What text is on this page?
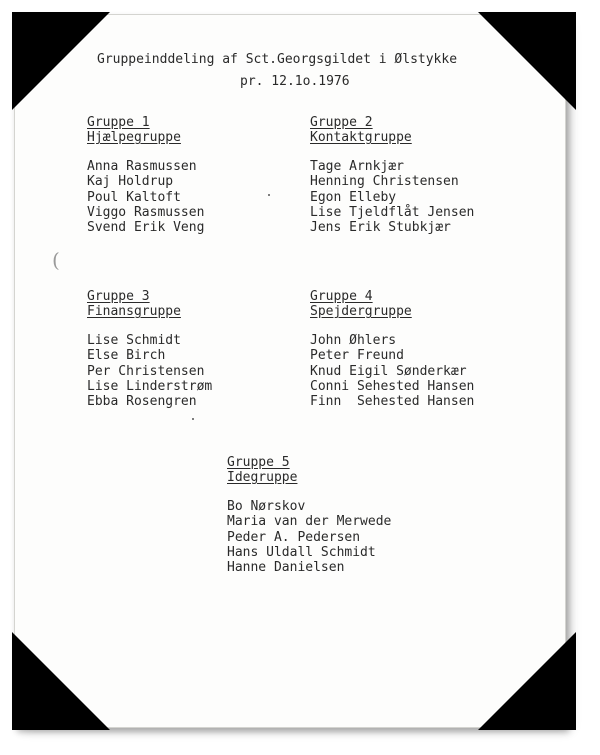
Gruppeinddeling af Sct.Georgsgildet i Ølstykke
pr. 12.1o.1976
Gruppe 1
Hjælpegruppe
Anna Rasmussen
Kaj Holdrup
Poul Kaltoft
Viggo Rasmussen
Svend Erik Veng
Gruppe 2
Kontaktgruppe
Tage Arnkjær
Henning Christensen
Egon Elleby
Lise Tjeldflåt Jensen
Jens Erik Stubkjær
Gruppe 3
Finansgruppe
Lise Schmidt
Else Birch
Per Christensen
Lise Linderstrøm
Ebba Rosengren
Gruppe 4
Spejdergruppe
John Øhlers
Peter Freund
Knud Eigil Sønderkær
Conni Sehested Hansen
Finn  Sehested Hansen
Gruppe 5
Idegruppe
Bo Nørskov
Maria van der Merwede
Peder A. Pedersen
Hans Uldall Schmidt
Hanne Danielsen
(
